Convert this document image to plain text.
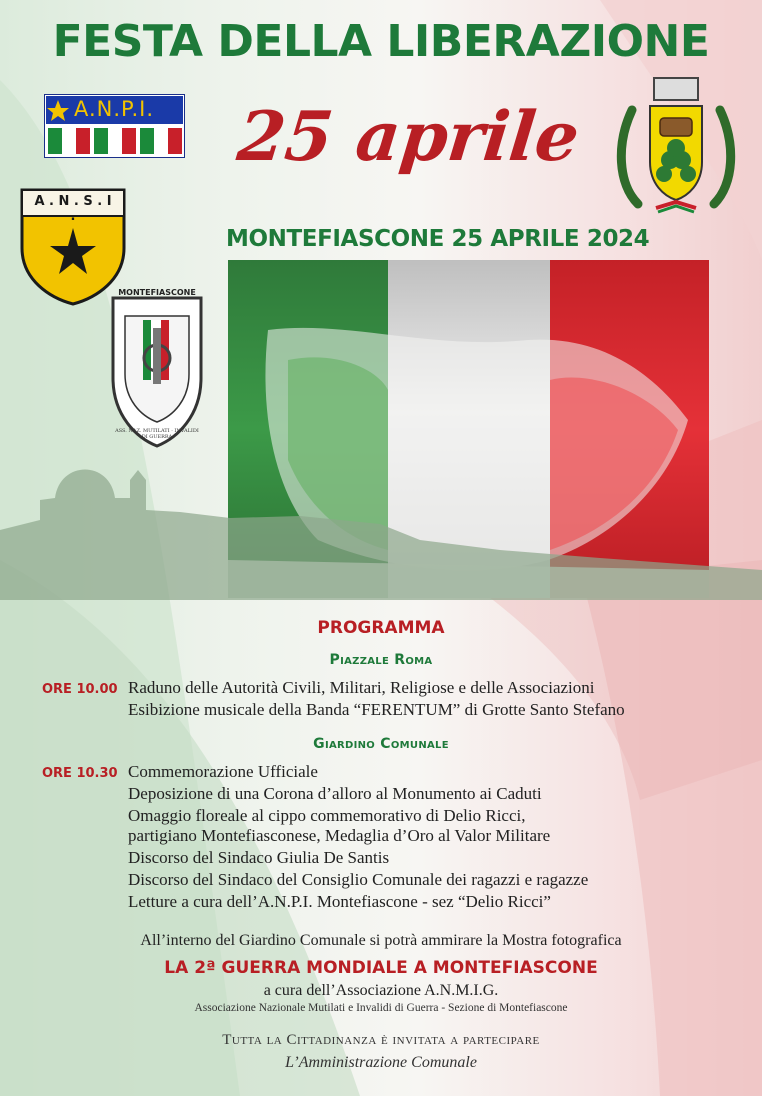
FESTA DELLA LIBERAZIONE
25 aprile
A.N.P.I.
A . N . S . I .
MONTEFIASCONE
ASS. NAZ. MUTILATI · INVALIDI DI GUERRA
MONTEFIASCONE 25 APRILE 2024
PROGRAMMA
Piazzale Roma
ORE 10.00 Raduno delle Autorità Civili, Militari, Religiose e delle Associazioni
Esibizione musicale della Banda “FERENTUM” di Grotte Santo Stefano
Giardino Comunale
ORE 10.30 Commemorazione Ufficiale
Deposizione di una Corona d’alloro al Monumento ai Caduti
Omaggio floreale al cippo commemorativo di Delio Ricci,
partigiano Montefiasconese, Medaglia d’Oro al Valor Militare
Discorso del Sindaco Giulia De Santis
Discorso del Sindaco del Consiglio Comunale dei ragazzi e ragazze
Letture a cura dell’A.N.P.I. Montefiascone - sez “Delio Ricci”
All’interno del Giardino Comunale si potrà ammirare la Mostra fotografica
LA 2ª GUERRA MONDIALE A MONTEFIASCONE
a cura dell’Associazione A.N.M.I.G.
Associazione Nazionale Mutilati e Invalidi di Guerra - Sezione di Montefiascone
Tutta la Cittadinanza è invitata a partecipare
L’Amministrazione Comunale
